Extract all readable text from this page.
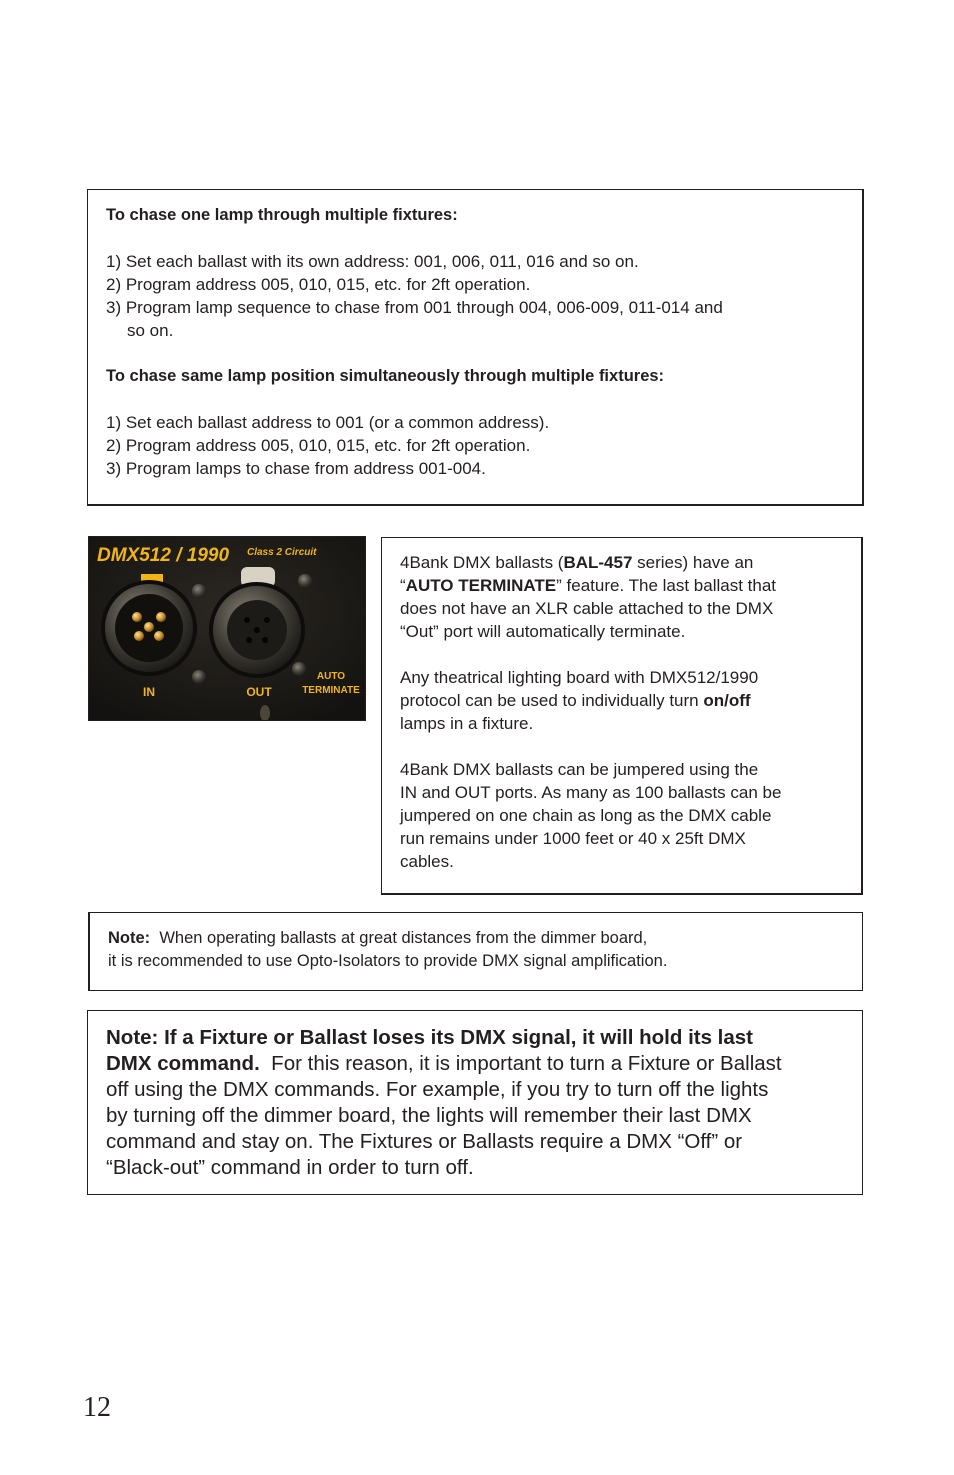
To chase one lamp through multiple fixtures:
1) Set each ballast with its own address: 001, 006, 011, 016 and so on.
2) Program address 005, 010, 015, etc. for 2ft operation.
3) Program lamp sequence to chase from 001 through 004, 006-009, 011-014 and
so on.
To chase same lamp position simultaneously through multiple fixtures:
1) Set each ballast address to 001 (or a common address).
2) Program address 005, 010, 015, etc. for 2ft operation.
3) Program lamps to chase from address 001-004.
DMX512 / 1990 Class 2 Circuit
IN	OUT
AUTO
TERMINATE
4Bank DMX ballasts (BAL-457 series) have an
“AUTO TERMINATE” feature. The last ballast that
does not have an XLR cable attached to the DMX
“Out” port will automatically terminate.
Any theatrical lighting board with DMX512/1990
protocol can be used to individually turn on/off
lamps in a fixture.
4Bank DMX ballasts can be jumpered using the
IN and OUT ports. As many as 100 ballasts can be
jumpered on one chain as long as the DMX cable
run remains under 1000 feet or 40 x 25ft DMX
cables.
Note:  When operating ballasts at great distances from the dimmer board,
it is recommended to use Opto-Isolators to provide DMX signal amplification.
Note: If a Fixture or Ballast loses its DMX signal, it will hold its last
DMX command.  For this reason, it is important to turn a Fixture or Ballast
off using the DMX commands. For example, if you try to turn off the lights
by turning off the dimmer board, the lights will remember their last DMX
command and stay on. The Fixtures or Ballasts require a DMX “Off” or
“Black-out” command in order to turn off.
12
